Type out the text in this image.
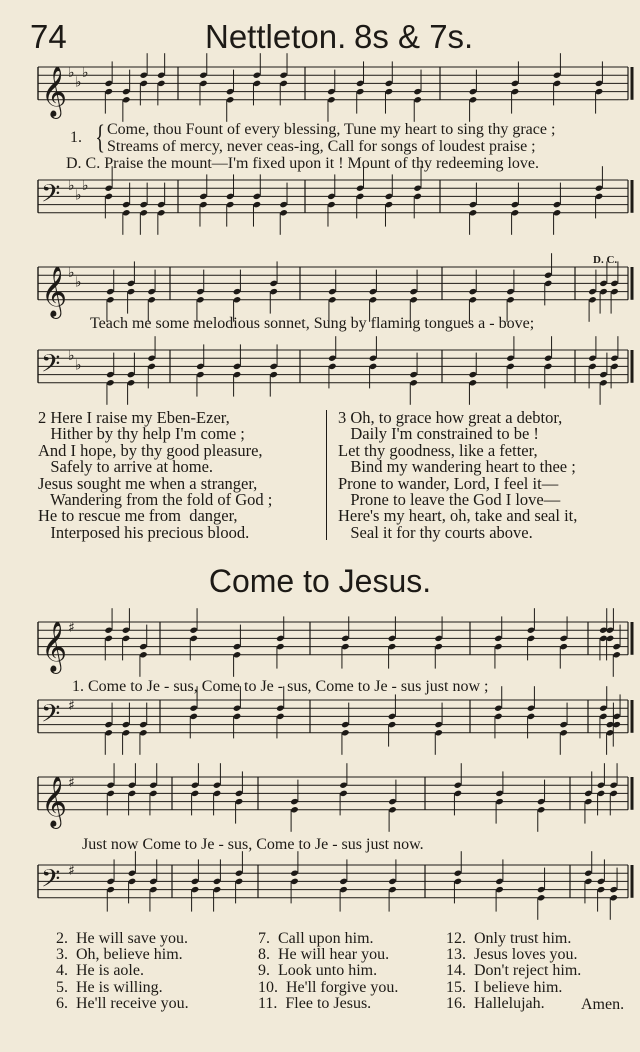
74	Nettleton. 8s & 7s.
𝄞 ♭
♭
♭
𝄢 ♭
♭
♭
1. { Come, thou Fount of every blessing, Tune my heart to sing thy grace ;
Streams of mercy, never ceas-ing, Call for songs of loudest praise ;
D. C. Praise the mount—I'm fixed upon it ! Mount of thy redeeming love.
𝄞 ♭
♭
𝄢 ♭
♭
D. C.
Teach me some melodious sonnet, Sung by flaming tongues a - bove;
2 Here I raise my Eben-Ezer,
Hither by thy help I'm come ;
And I hope, by thy good pleasure,
Safely to arrive at home.
Jesus sought me when a stranger,
Wandering from the fold of God ;
He to rescue me from  danger,
Interposed his precious blood.
3 Oh, to grace how great a debtor,
Daily I'm constrained to be !
Let thy goodness, like a fetter,
Bind my wandering heart to thee ;
Prone to wander, Lord, I feel it—
Prone to leave the God I love—
Here's my heart, oh, take and seal it,
Seal it for thy courts above.
Come to Jesus.
𝄞 ♯
𝄢 ♯
1. Come to Je - sus, Come to Je - sus, Come to Je - sus just now ;
𝄞 ♯
𝄢 ♯
Just now Come to Je - sus, Come to Je - sus just now.
2.  He will save you.
3.  Oh, believe him.
4.  He is aole.
5.  He is willing.
6.  He'll receive you.
7.  Call upon him.
8.  He will hear you.
9.  Look unto him.
10.  He'll forgive you.
11.  Flee to Jesus.
12.  Only trust him.
13.  Jesus loves you.
14.  Don't reject him.
15.  I believe him.
16.  Hallelujah.	Amen.
